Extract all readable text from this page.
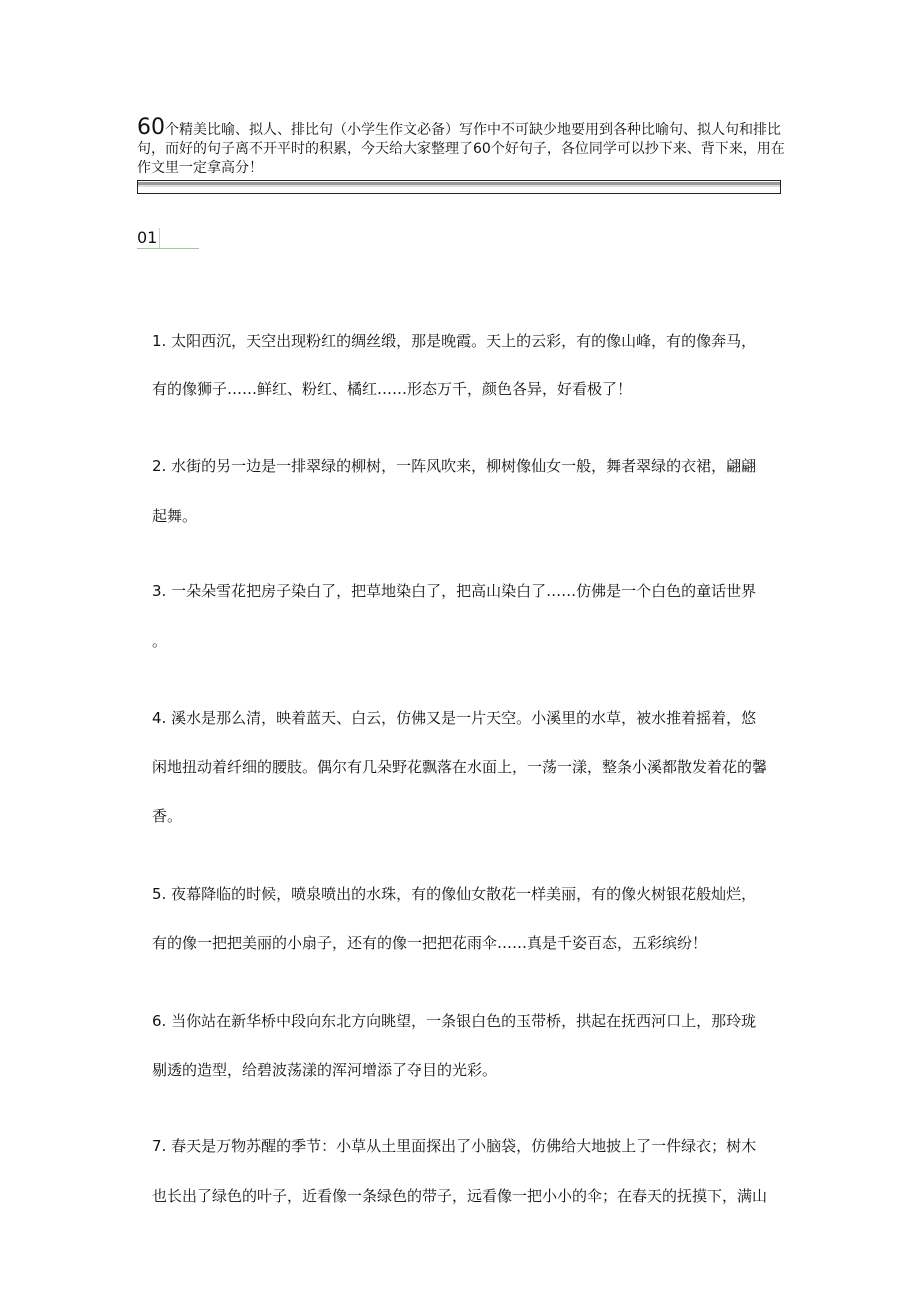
60个精美比喻、拟人、排比句（小学生作文必备）写作中不可缺少地要用到各种比喻句、拟人句和排比句，而好的句子离不开平时的积累，今天给大家整理了60个好句子，各位同学可以抄下来、背下来，用在作文里一定拿高分！
01
1. 太阳西沉，天空出现粉红的绸丝缎，那是晚霞。天上的云彩，有的像山峰，有的像奔马，
有的像狮子……鲜红、粉红、橘红……形态万千，颜色各异，好看极了！
2. 水街的另一边是一排翠绿的柳树，一阵风吹来，柳树像仙女一般，舞者翠绿的衣裙，翩翩
起舞。
3. 一朵朵雪花把房子染白了，把草地染白了，把高山染白了……仿佛是一个白色的童话世界
。
4. 溪水是那么清，映着蓝天、白云，仿佛又是一片天空。小溪里的水草，被水推着摇着，悠
闲地扭动着纤细的腰肢。偶尔有几朵野花飘落在水面上，一荡一漾，整条小溪都散发着花的馨
香。
5. 夜幕降临的时候，喷泉喷出的水珠，有的像仙女散花一样美丽，有的像火树银花般灿烂，
有的像一把把美丽的小扇子，还有的像一把把花雨伞……真是千姿百态，五彩缤纷！
6. 当你站在新华桥中段向东北方向眺望，一条银白色的玉带桥，拱起在抚西河口上，那玲珑
剔透的造型，给碧波荡漾的浑河增添了夺目的光彩。
7. 春天是万物苏醒的季节：小草从土里面探出了小脑袋，仿佛给大地披上了一件绿衣；树木
也长出了绿色的叶子，近看像一条绿色的带子，远看像一把小小的伞；在春天的抚摸下，满山
